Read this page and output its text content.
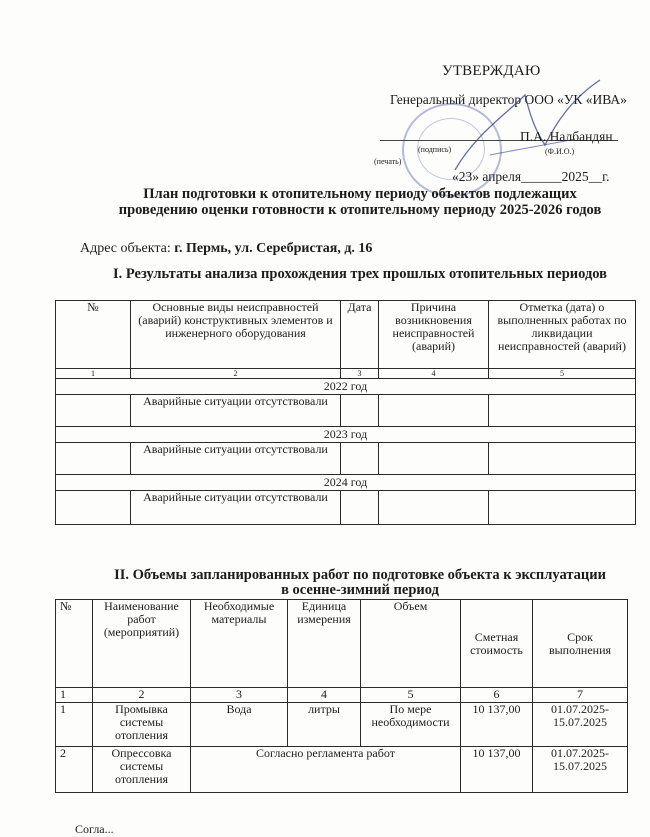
УТВЕРЖДАЮ
Генеральный директор ООО «УК «ИВА»
П.А. Налбандян
(подпись)	(Ф.И.О.)
(печать)
«23» апреля______2025__г.
План подготовки к отопительному периоду объектов подлежащих
проведению оценки готовности к отопительному периоду 2025-2026 годов
Адрес объекта: г. Пермь, ул. Серебристая, д. 16
I. Результаты анализа прохождения трех прошлых отопительных периодов
№	Основные виды неисправностей (аварий) конструктивных элементов и инженерного оборудования	Дата	Причина возникновения неисправностей (аварий)	Отметка (дата) о выполненных работах по ликвидации неисправностей (аварий)
1	2	3	4	5
2022 год				
	Аварийные ситуации отсутствовали			
2023 год				
	Аварийные ситуации отсутствовали			
2024 год				
	Аварийные ситуации отсутствовали			
II. Объемы запланированных работ по подготовке объекта к эксплуатации
в осенне-зимний период
№	Наименование работ (мероприятий)	Необходимые материалы	Единица измерения	Объем	Сметная стоимость	Срок выполнения
1	2	3	4	5	6	7
1	Промывка системы отопления	Вода	литры	По мере необходимости	10 137,00	01.07.2025-15.07.2025
2	Опрессовка системы отопления	Согласно регламента работ			10 137,00	01.07.2025-15.07.2025
Согла...
